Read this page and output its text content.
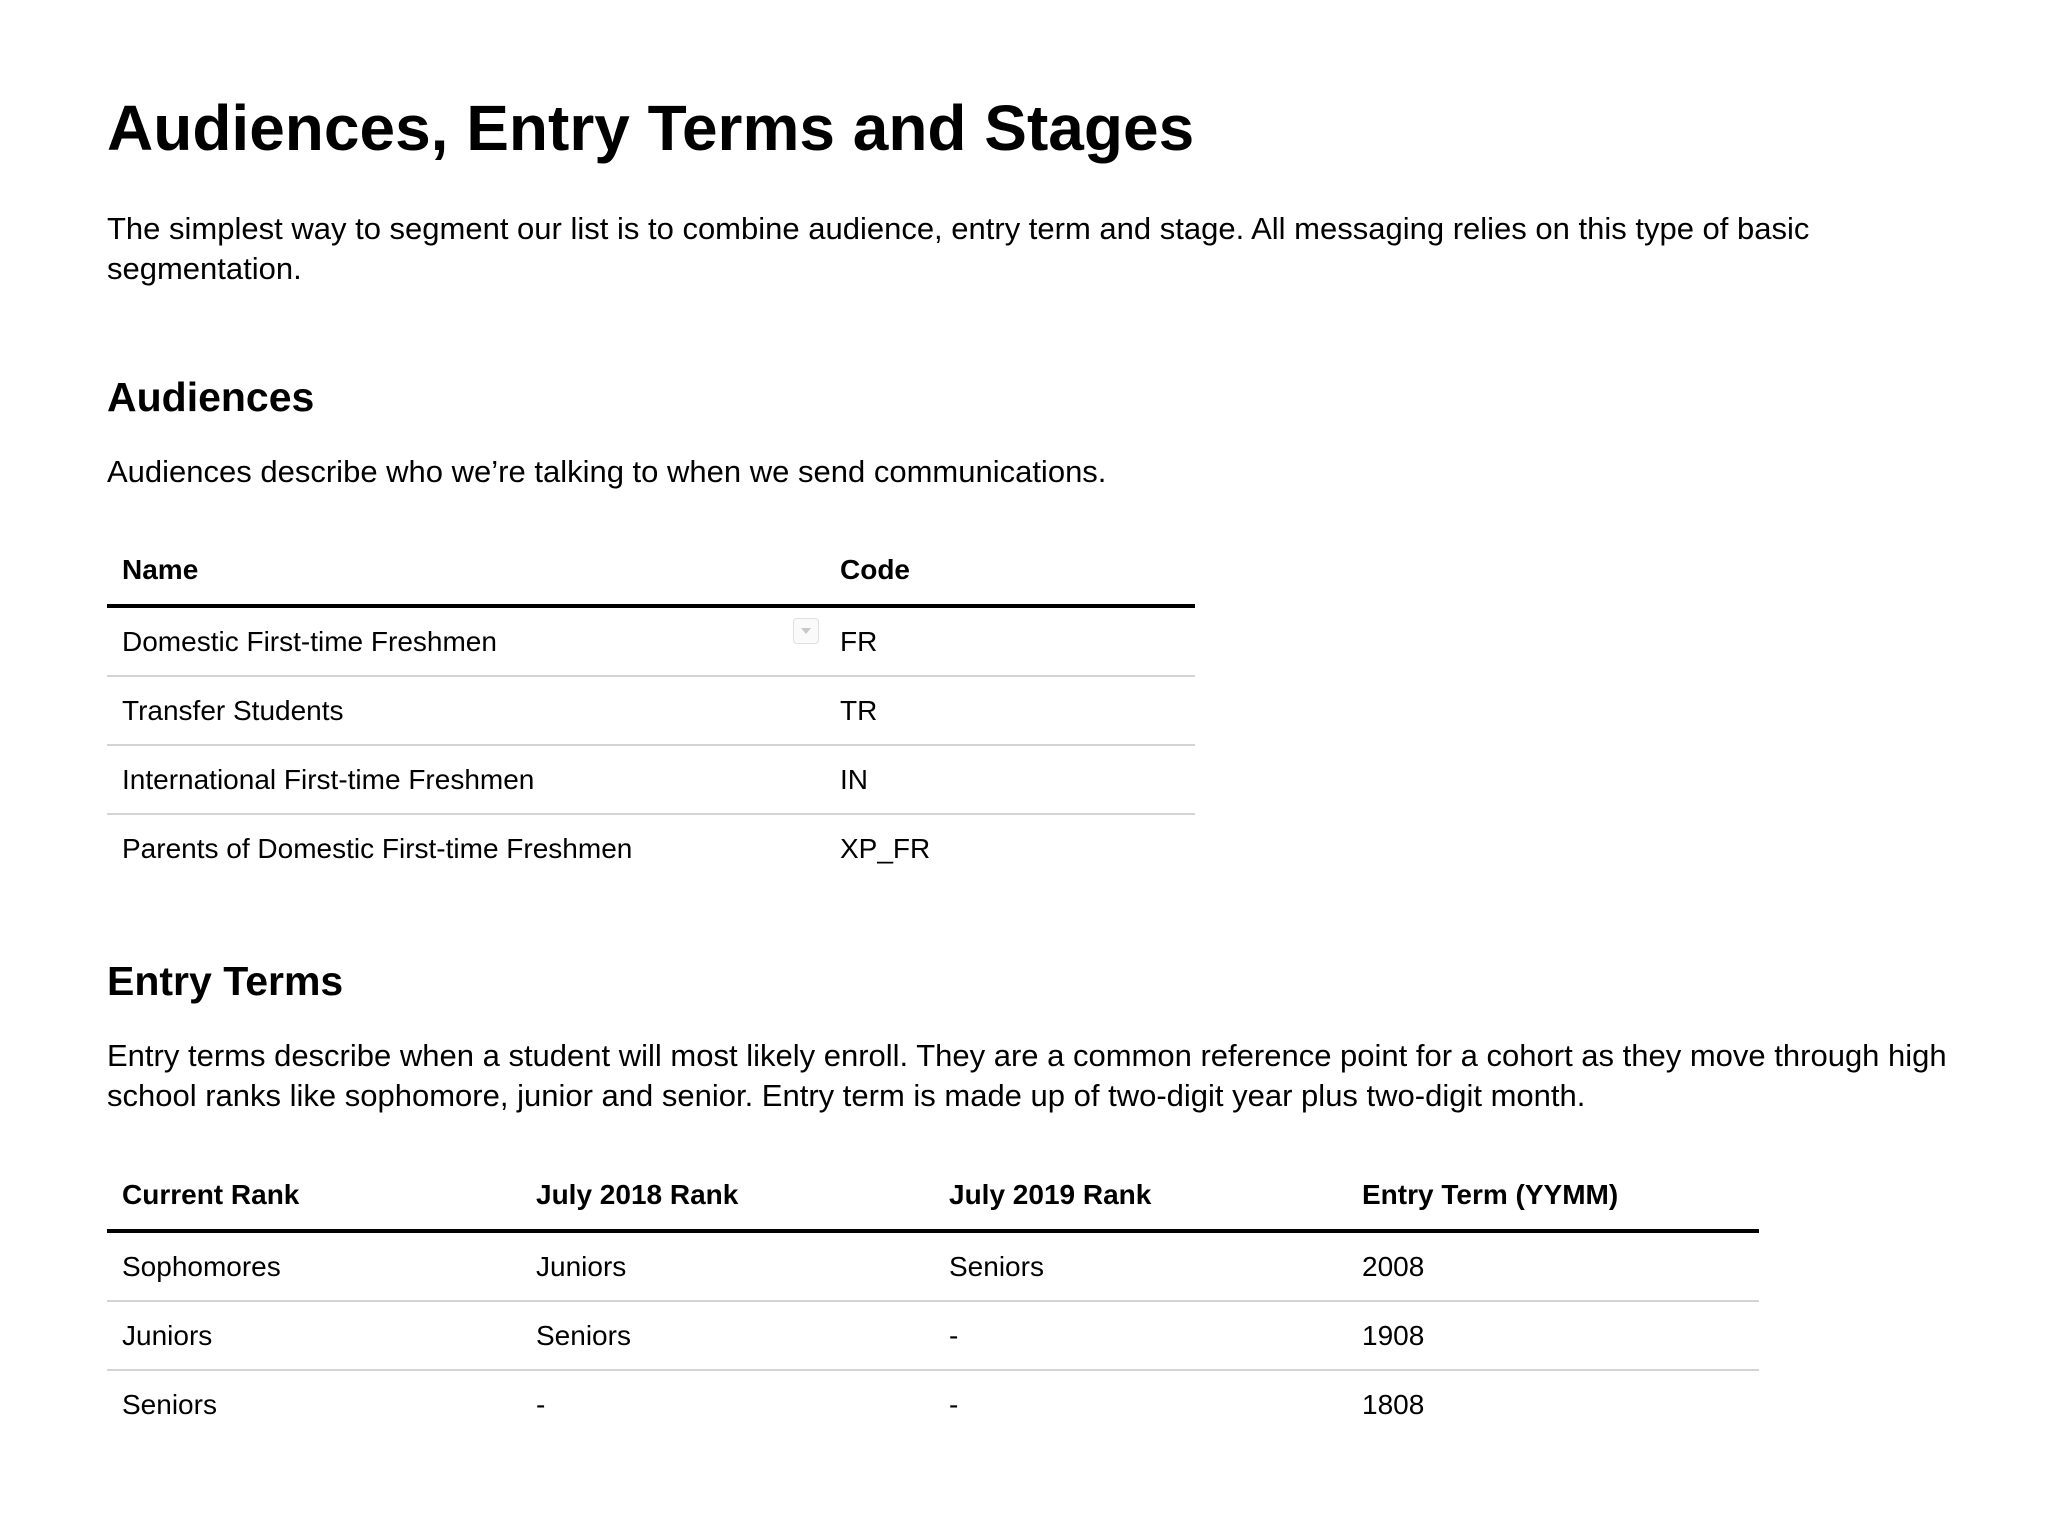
Audiences, Entry Terms and Stages

The simplest way to segment our list is to combine audience, entry term and stage. All messaging relies on this type of basic segmentation.

Audiences

Audiences describe who we’re talking to when we send communications.

Name	Code
Domestic First-time Freshmen	FR
Transfer Students	TR
International First-time Freshmen	IN
Parents of Domestic First-time Freshmen	XP_FR
Entry Terms

Entry terms describe when a student will most likely enroll. They are a common reference point for a cohort as they move through high school ranks like sophomore, junior and senior. Entry term is made up of two-digit year plus two-digit month.

Current Rank	July 2018 Rank	July 2019 Rank	Entry Term (YYMM)
Sophomores	Juniors	Seniors	2008
Juniors	Seniors	-	1908
Seniors	-	-	1808
